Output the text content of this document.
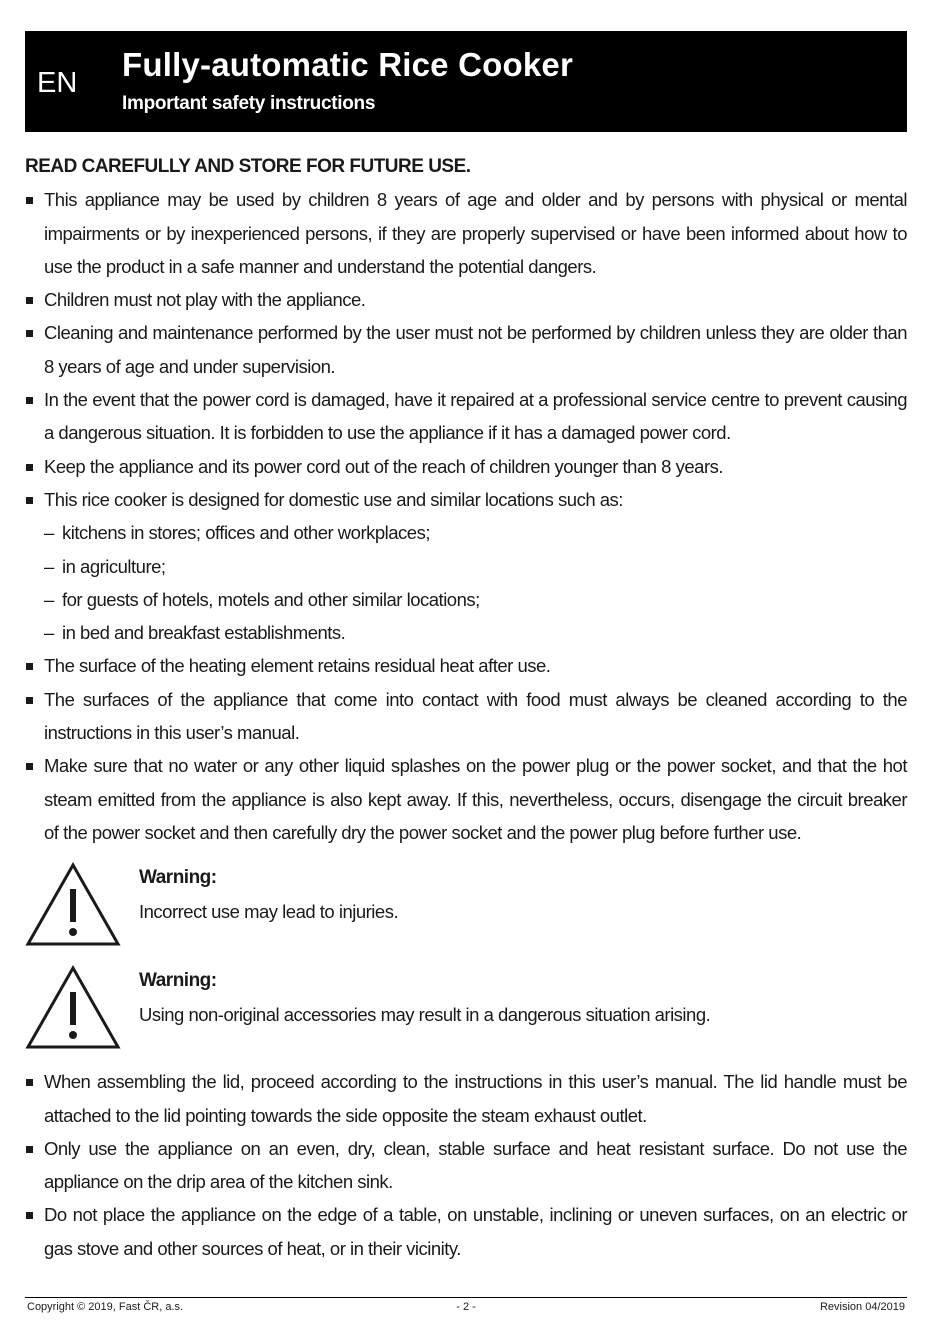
EN Fully-automatic Rice Cooker
Important safety instructions
READ CAREFULLY AND STORE FOR FUTURE USE.
This appliance may be used by children 8 years of age and older and by persons with physical or mental impairments or by inexperienced persons, if they are properly supervised or have been informed about how to use the product in a safe manner and understand the potential dangers.
Children must not play with the appliance.
Cleaning and maintenance performed by the user must not be performed by children unless they are older than 8 years of age and under supervision.
In the event that the power cord is damaged, have it repaired at a professional service centre to prevent causing a dangerous situation. It is forbidden to use the appliance if it has a damaged power cord.
Keep the appliance and its power cord out of the reach of children younger than 8 years.
This rice cooker is designed for domestic use and similar locations such as:
– kitchens in stores; offices and other workplaces;
– in agriculture;
– for guests of hotels, motels and other similar locations;
– in bed and breakfast establishments.
The surface of the heating element retains residual heat after use.
The surfaces of the appliance that come into contact with food must always be cleaned according to the instructions in this user’s manual.
Make sure that no water or any other liquid splashes on the power plug or the power socket, and that the hot steam emitted from the appliance is also kept away. If this, nevertheless, occurs, disengage the circuit breaker of the power socket and then carefully dry the power socket and the power plug before further use.
Warning:
Incorrect use may lead to injuries.
Warning:
Using non-original accessories may result in a dangerous situation arising.
When assembling the lid, proceed according to the instructions in this user’s manual. The lid handle must be attached to the lid pointing towards the side opposite the steam exhaust outlet.
Only use the appliance on an even, dry, clean, stable surface and heat resistant surface. Do not use the appliance on the drip area of the kitchen sink.
Do not place the appliance on the edge of a table, on unstable, inclining or uneven surfaces, on an electric or gas stove and other sources of heat, or in their vicinity.
Copyright © 2019, Fast ČR, a.s.	- 2 -	Revision 04/2019
